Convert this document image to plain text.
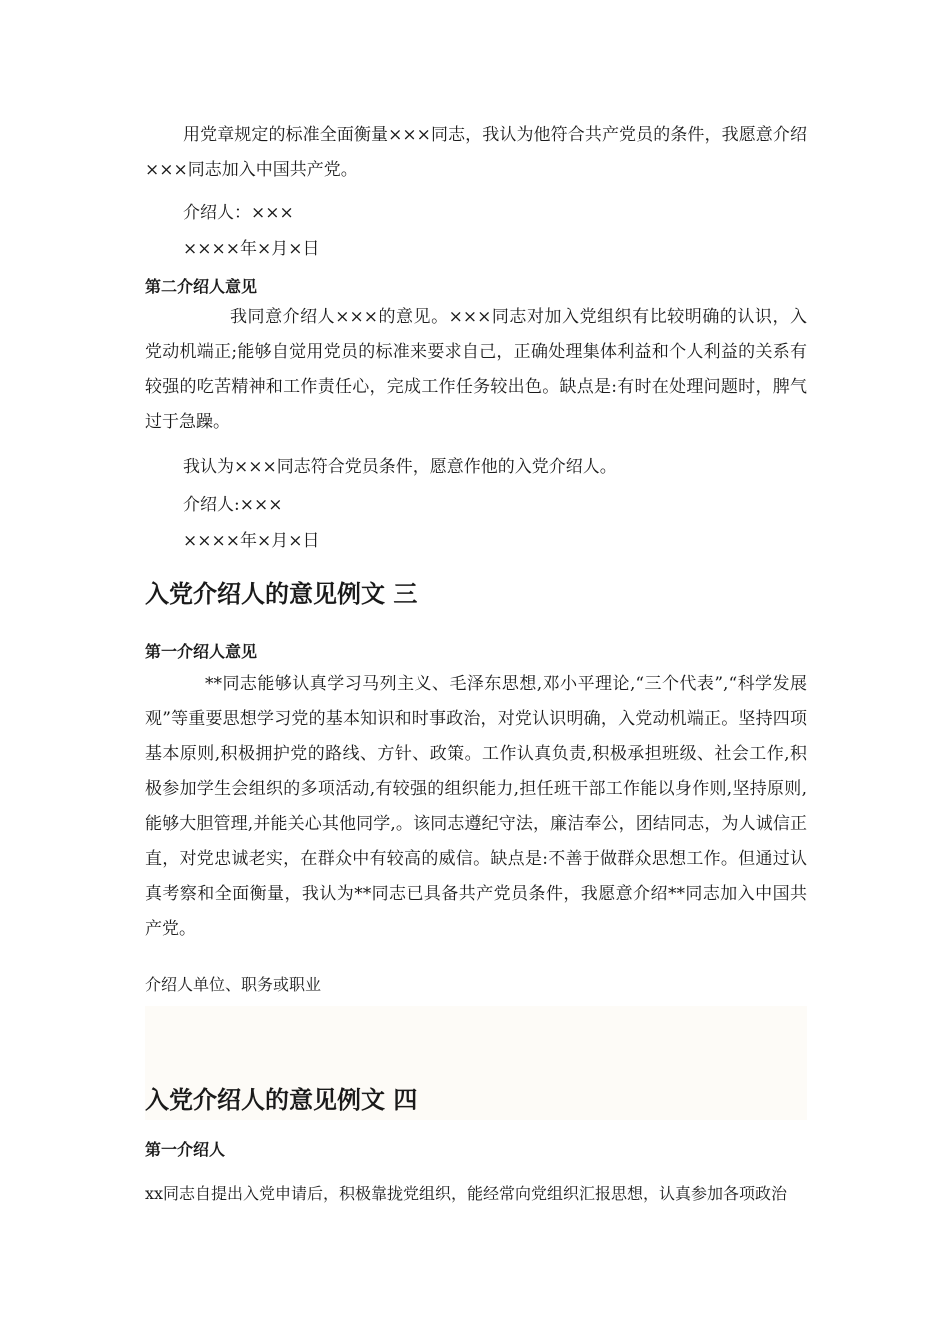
用党章规定的标准全面衡量×××同志，我认为他符合共产党员的条件，我愿意介绍×××同志加入中国共产党。

介绍人：×××

××××年×月×日

第二介绍人意见

我同意介绍人×××的意见。×××同志对加入党组织有比较明确的认识，入党动机端正;能够自觉用党员的标准来要求自己，正确处理集体利益和个人利益的关系有较强的吃苦精神和工作责任心，完成工作任务较出色。缺点是:有时在处理问题时，脾气过于急躁。

我认为×××同志符合党员条件，愿意作他的入党介绍人。

介绍人:×××

××××年×月×日

入党介绍人的意见例文 三
第一介绍人意见

**同志能够认真学习马列主义、毛泽东思想,邓小平理论,“三个代表”,“科学发展观”等重要思想学习党的基本知识和时事政治，对党认识明确，入党动机端正。坚持四项基本原则,积极拥护党的路线、方针、政策。工作认真负责,积极承担班级、社会工作,积极参加学生会组织的多项活动,有较强的组织能力,担任班干部工作能以身作则,坚持原则,能够大胆管理,并能关心其他同学,。该同志遵纪守法，廉洁奉公，团结同志，为人诚信正直，对党忠诚老实，在群众中有较高的威信。缺点是:不善于做群众思想工作。但通过认真考察和全面衡量，我认为**同志已具备共产党员条件，我愿意介绍**同志加入中国共产党。

介绍人单位、职务或职业

入党介绍人的意见例文 四
第一介绍人

xx同志自提出入党申请后，积极靠拢党组织，能经常向党组织汇报思想，认真参加各项政治
